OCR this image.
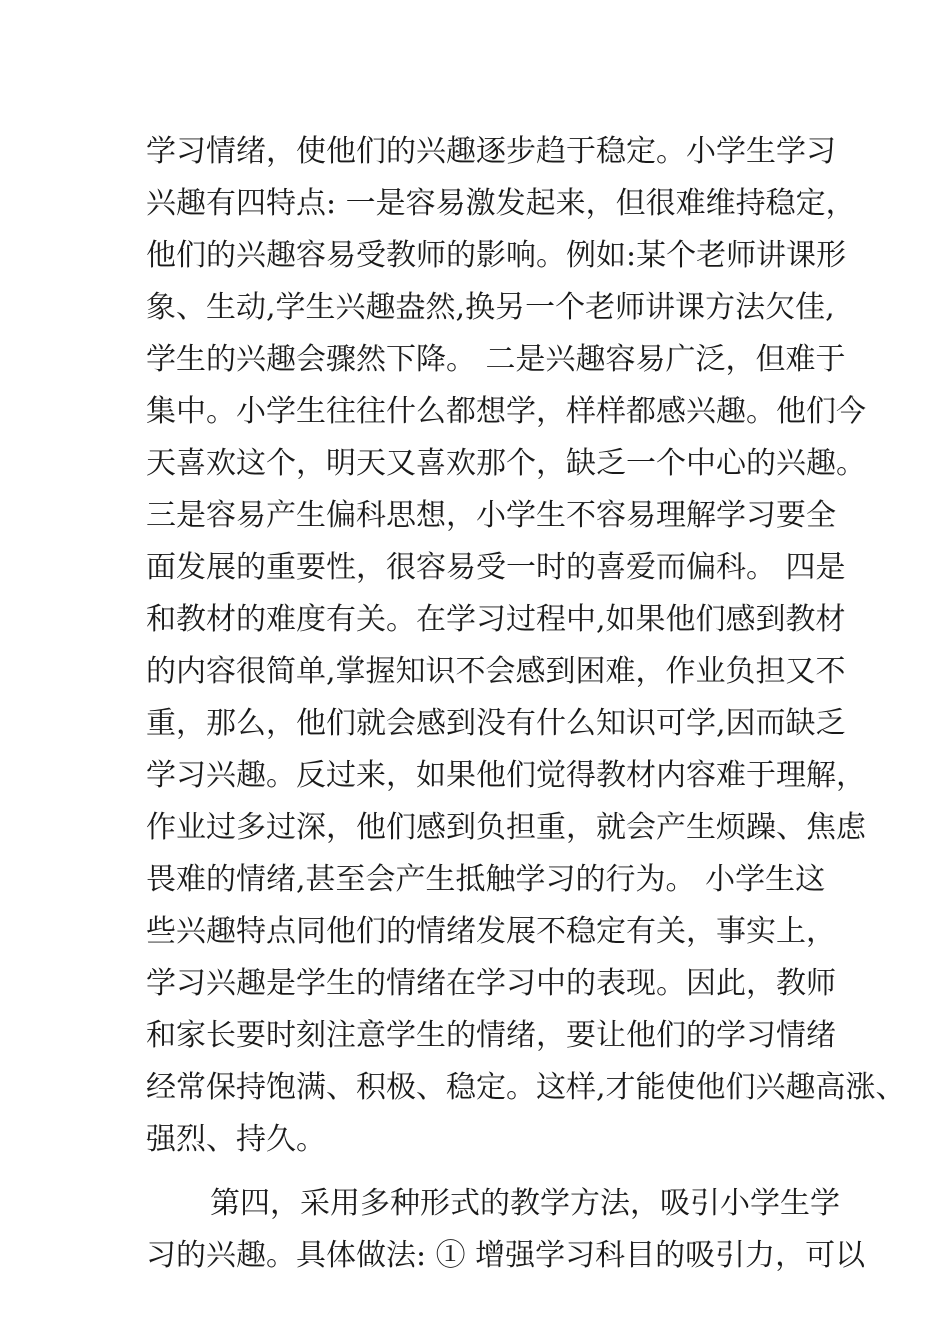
学习情绪，使他们的兴趣逐步趋于稳定。小学生学习
兴趣有四特点: 一是容易激发起来，但很难维持稳定，
他们的兴趣容易受教师的影响。例如:某个老师讲课形
象、生动,学生兴趣盎然,换另一个老师讲课方法欠佳,
学生的兴趣会骤然下降。 二是兴趣容易广泛，但难于
集中。小学生往往什么都想学，样样都感兴趣。他们今
天喜欢这个，明天又喜欢那个，缺乏一个中心的兴趣。
三是容易产生偏科思想，小学生不容易理解学习要全
面发展的重要性，很容易受一时的喜爱而偏科。 四是
和教材的难度有关。在学习过程中,如果他们感到教材
的内容很简单,掌握知识不会感到困难，作业负担又不
重，那么，他们就会感到没有什么知识可学,因而缺乏
学习兴趣。反过来，如果他们觉得教材内容难于理解，
作业过多过深，他们感到负担重，就会产生烦躁、焦虑
畏难的情绪,甚至会产生抵触学习的行为。 小学生这
些兴趣特点同他们的情绪发展不稳定有关，事实上，
学习兴趣是学生的情绪在学习中的表现。因此，教师
和家长要时刻注意学生的情绪，要让他们的学习情绪
经常保持饱满、积极、稳定。这样,才能使他们兴趣高涨、
强烈、持久。
第四，采用多种形式的教学方法，吸引小学生学
习的兴趣。具体做法: ① 增强学习科目的吸引力，可以
